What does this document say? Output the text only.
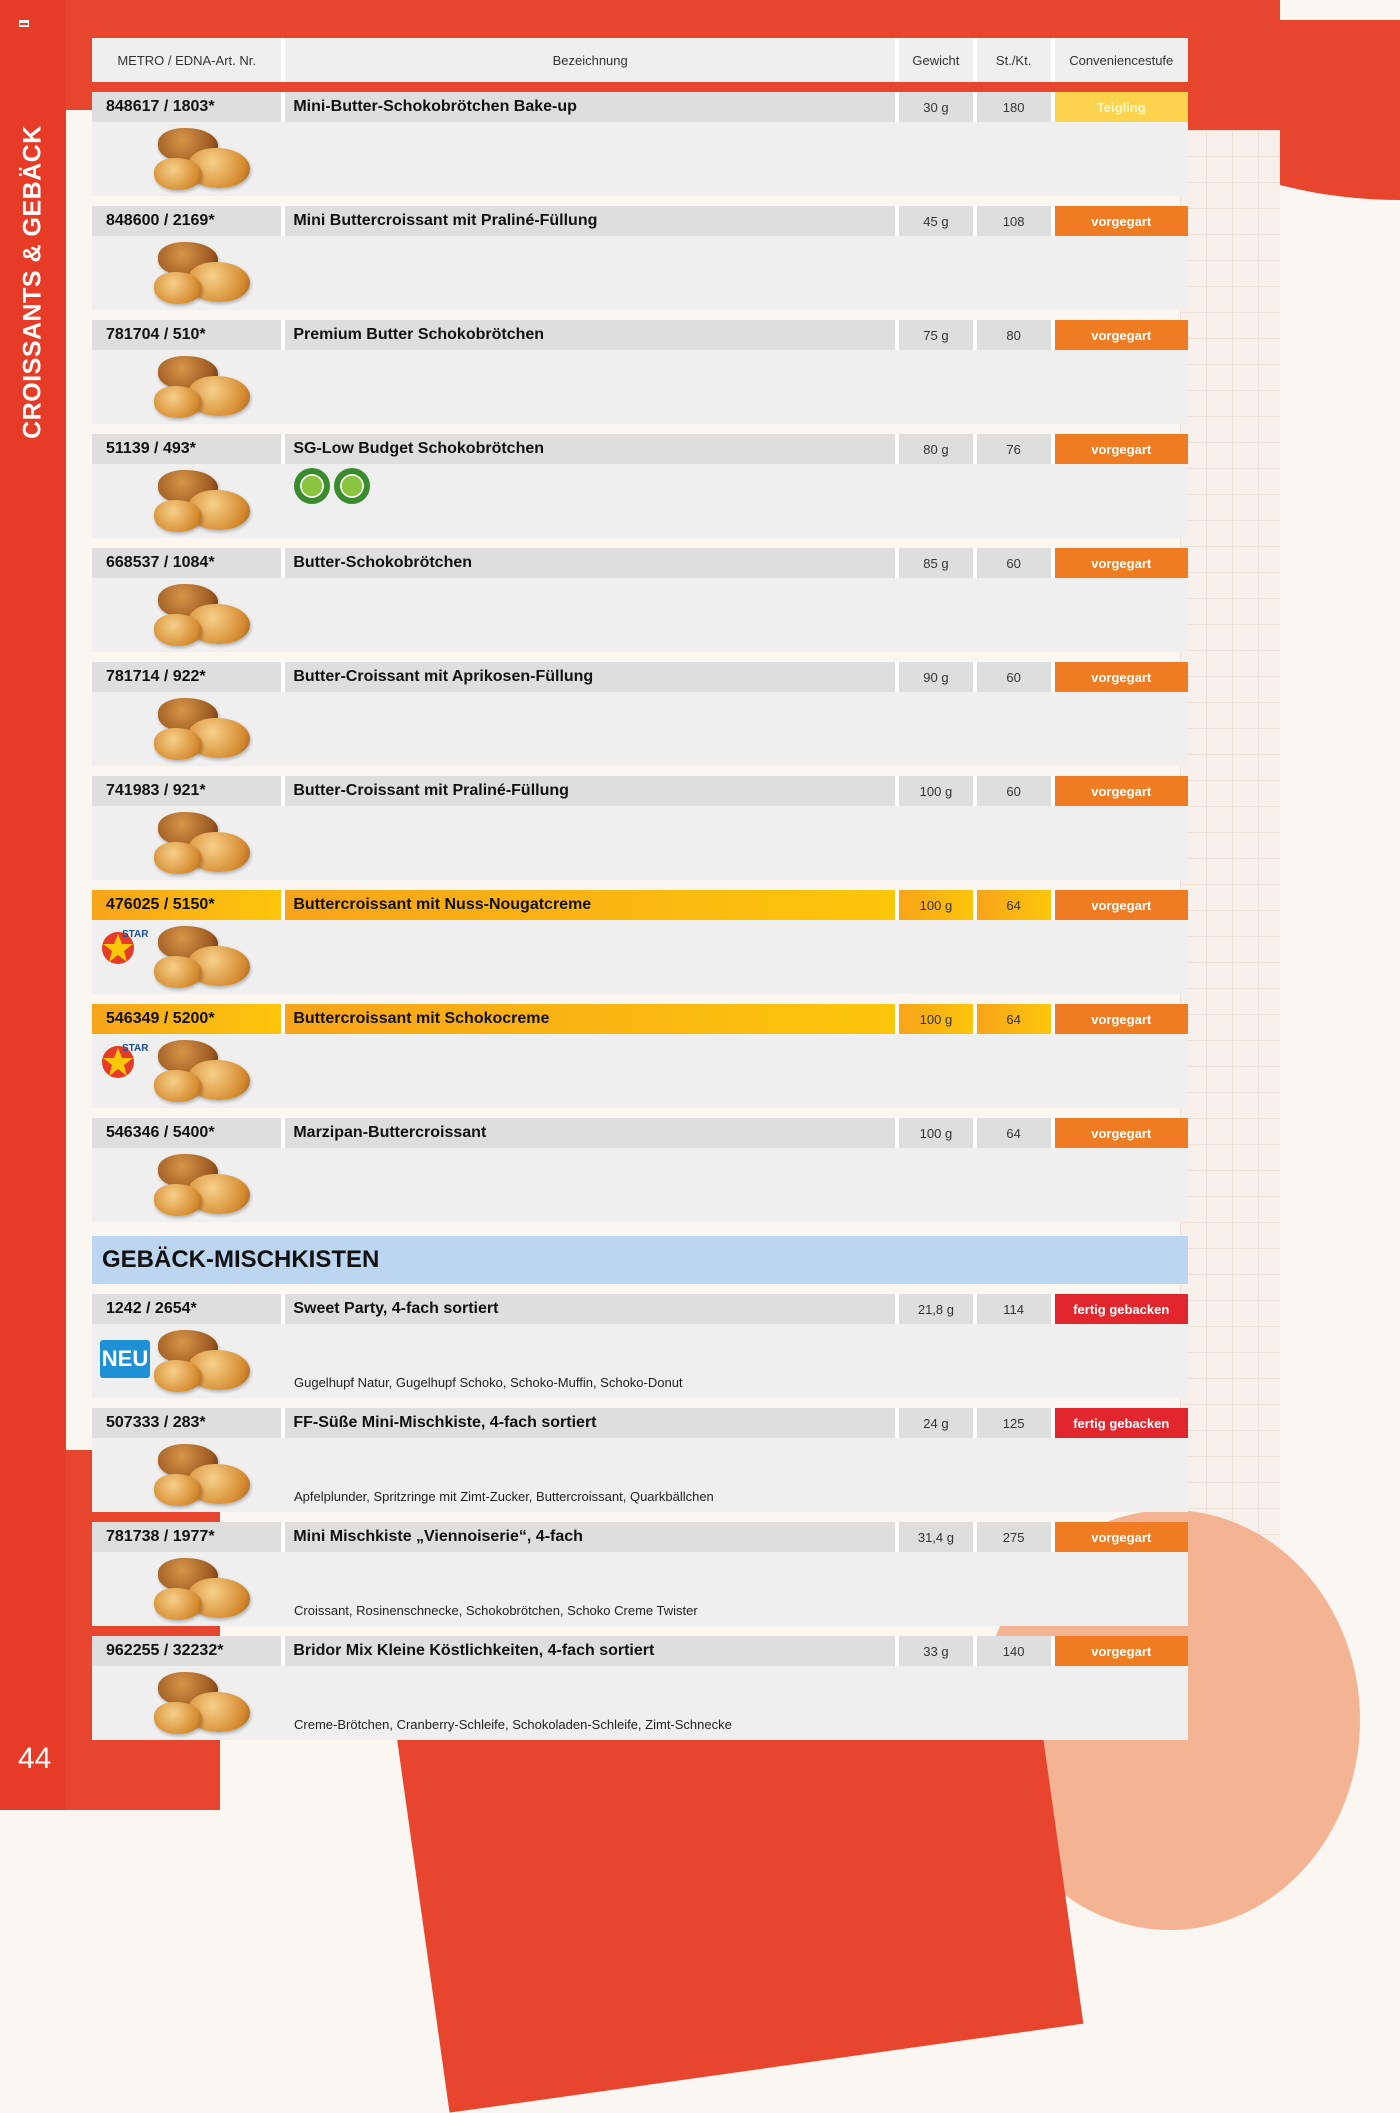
CROISSANTS & GEBÄCK
44
METRO / EDNA-Art. Nr.	Bezeichnung	Gewicht	St./Kt.	Conveniencestufe
848617 / 1803*	Mini-Butter-Schokobrötchen Bake-up	30 g	180	Teigling
848600 / 2169*	Mini Buttercroissant mit Praliné-Füllung	45 g	108	vorgegart
781704 / 510*	Premium Butter Schokobrötchen	75 g	80	vorgegart
51139 / 493*	SG-Low Budget Schokobrötchen	80 g	76	vorgegart
668537 / 1084*	Butter-Schokobrötchen	85 g	60	vorgegart
781714 / 922*	Butter-Croissant mit Aprikosen-Füllung	90 g	60	vorgegart
741983 / 921*	Butter-Croissant mit Praliné-Füllung	100 g	60	vorgegart
476025 / 5150*	Buttercroissant mit Nuss-Nougatcreme	100 g	64	vorgegart
STAR
546349 / 5200*	Buttercroissant mit Schokocreme	100 g	64	vorgegart
STAR
546346 / 5400*	Marzipan-Buttercroissant	100 g	64	vorgegart
GEBÄCK-MISCHKISTEN
1242 / 2654*	Sweet Party, 4-fach sortiert	21,8 g	114	fertig gebacken
NEU
Gugelhupf Natur, Gugelhupf Schoko, Schoko-Muffin, Schoko-Donut
507333 / 283*	FF-Süße Mini-Mischkiste, 4-fach sortiert	24 g	125	fertig gebacken
Apfelplunder, Spritzringe mit Zimt-Zucker, Buttercroissant, Quarkbällchen
781738 / 1977*	Mini Mischkiste „Viennoiserie“, 4-fach	31,4 g	275	vorgegart
Croissant, Rosinenschnecke, Schokobrötchen, Schoko Creme Twister
962255 / 32232*	Bridor Mix Kleine Köstlichkeiten, 4-fach sortiert	33 g	140	vorgegart
Creme-Brötchen, Cranberry-Schleife, Schokoladen-Schleife, Zimt-Schnecke
